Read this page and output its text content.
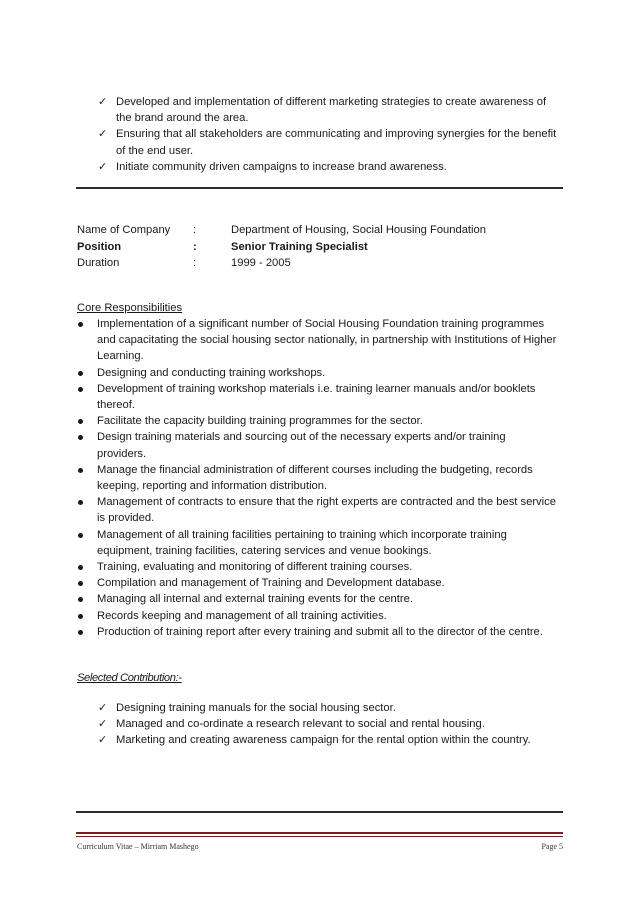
✓ Developed and implementation of different marketing strategies to create awareness of the brand around the area.
✓ Ensuring that all stakeholders are communicating and improving synergies for the benefit of the end user.
✓ Initiate community driven campaigns to increase brand awareness.
Name of Company :	Department of Housing, Social Housing Foundation
Position	:	Senior Training Specialist
Duration	:	1999 - 2005
Core Responsibilities
Implementation of a significant number of Social Housing Foundation training programmes and capacitating the social housing sector nationally, in partnership with Institutions of Higher Learning.
Designing and conducting training workshops.
Development of training workshop materials i.e. training learner manuals and/or booklets thereof.
Facilitate the capacity building training programmes for the sector.
Design training materials and sourcing out of the necessary experts and/or training providers.
Manage the financial administration of different courses including the budgeting, records keeping, reporting and information distribution.
Management of contracts to ensure that the right experts are contracted and the best service is provided.
Management of all training facilities pertaining to training which incorporate training equipment, training facilities, catering services and venue bookings.
Training, evaluating and monitoring of different training courses.
Compilation and management of Training and Development database.
Managing all internal and external training events for the centre.
Records keeping and management of all training activities.
Production of training report after every training and submit all to the director of the centre.
Selected Contribution:-
✓ Designing training manuals for the social housing sector.
✓ Managed and co-ordinate a research relevant to social and rental housing.
✓ Marketing and creating awareness campaign for the rental option within the country.
Curriculum Vitae – Mirriam Mashego	Page 5
